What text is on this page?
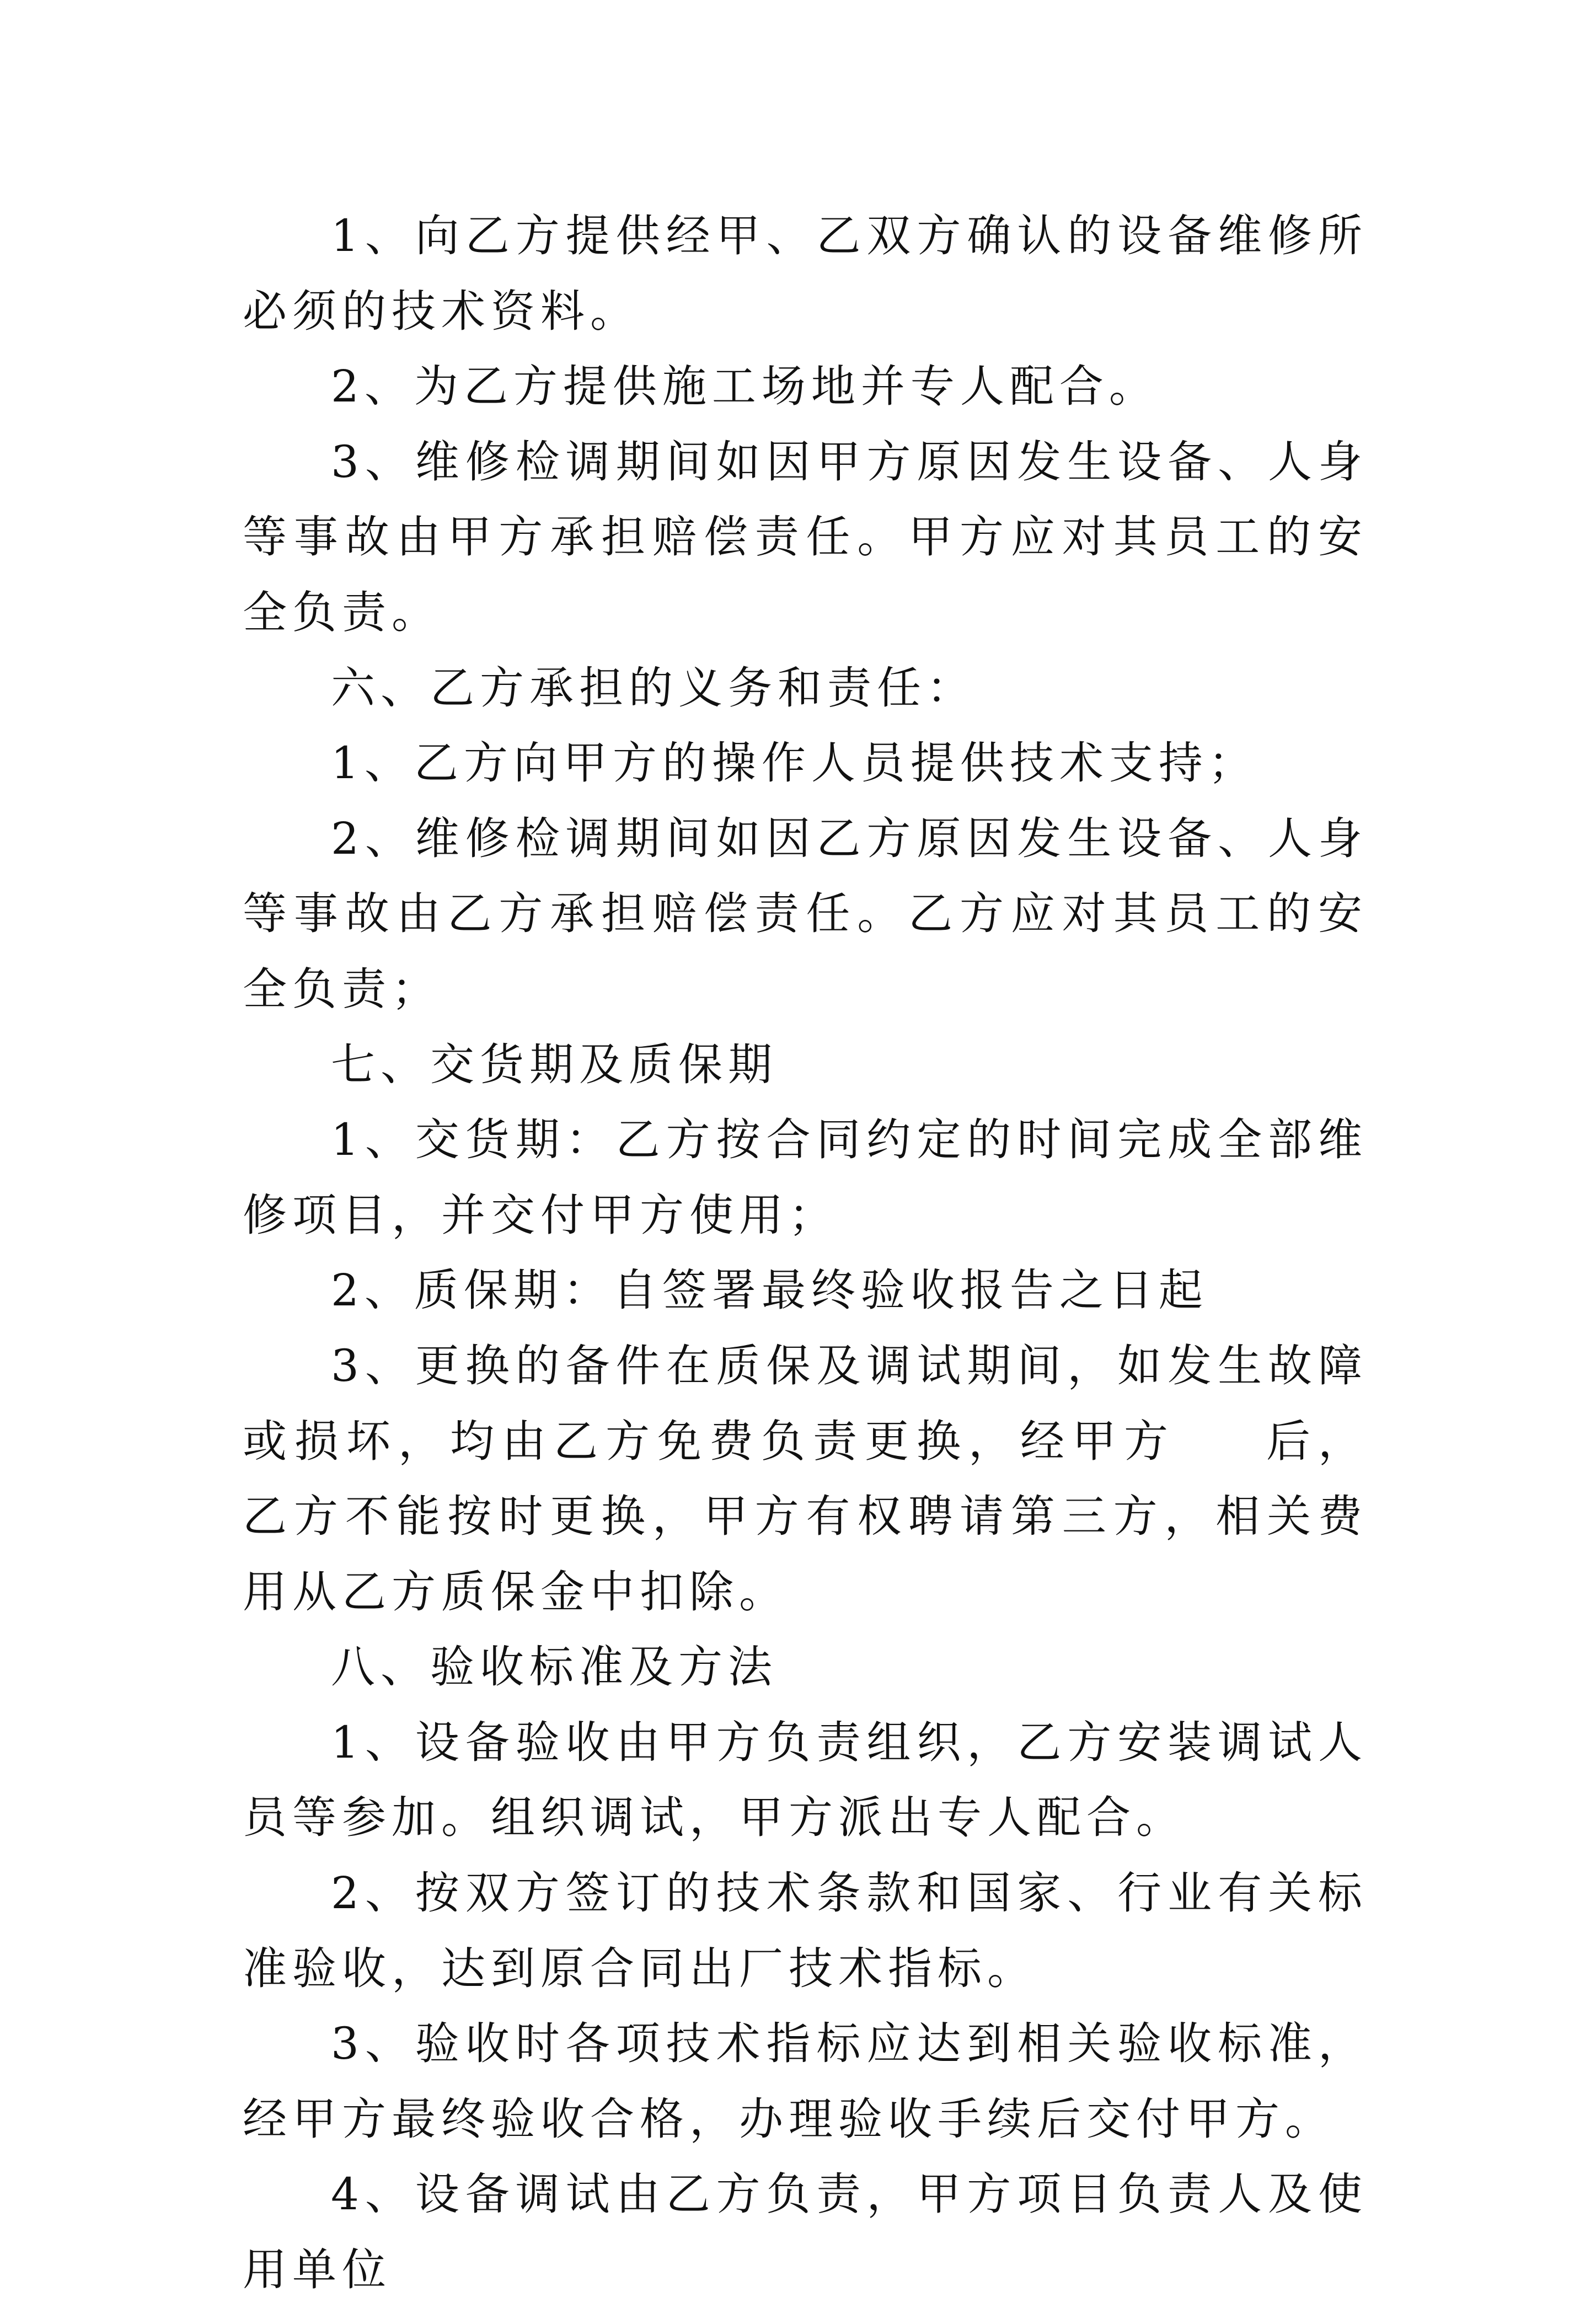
1、向乙方提供经甲、乙双方确认的设备维修所必须的技术资料。

2、为乙方提供施工场地并专人配合。

3、维修检调期间如因甲方原因发生设备、人身等事故由甲方承担赔偿责任。甲方应对其员工的安全负责。

六、乙方承担的义务和责任：

1、乙方向甲方的操作人员提供技术支持；

2、维修检调期间如因乙方原因发生设备、人身等事故由乙方承担赔偿责任。乙方应对其员工的安全负责；

七、交货期及质保期

1、交货期：乙方按合同约定的时间完成全部维修项目，并交付甲方使用；

2、质保期：自签署最终验收报告之日起

3、更换的备件在质保及调试期间，如发生故障或损坏，均由乙方免费负责更换，经甲方 后，乙方不能按时更换，甲方有权聘请第三方，相关费用从乙方质保金中扣除。

八、验收标准及方法

1、设备验收由甲方负责组织，乙方安装调试人员等参加。组织调试，甲方派出专人配合。

2、按双方签订的技术条款和国家、行业有关标准验收，达到原合同出厂技术指标。

3、验收时各项技术指标应达到相关验收标准，经甲方最终验收合格，办理验收手续后交付甲方。

4、设备调试由乙方负责，甲方项目负责人及使用单位
